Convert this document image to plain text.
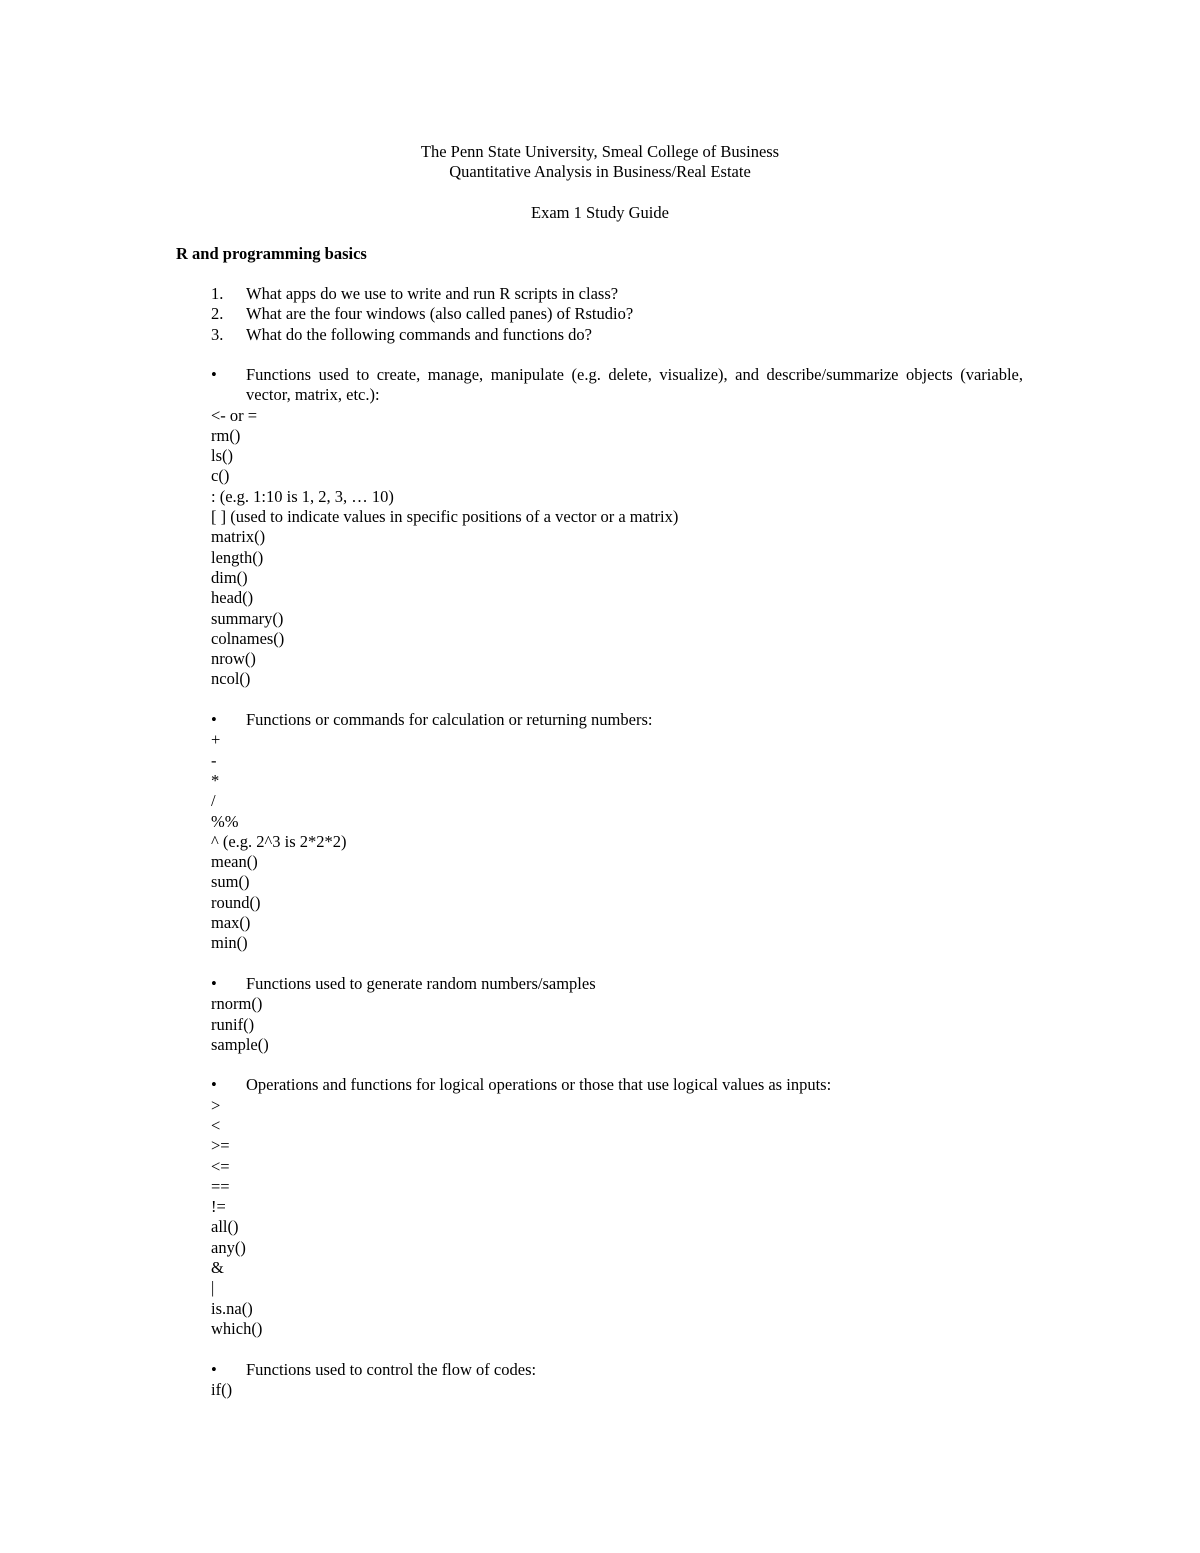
The Penn State University, Smeal College of Business
Quantitative Analysis in Business/Real Estate
Exam 1 Study Guide
R and programming basics
1. What apps do we use to write and run R scripts in class?
2. What are the four windows (also called panes) of Rstudio?
3. What do the following commands and functions do?
•	Functions used to create, manage, manipulate (e.g. delete, visualize), and describe/summarize objects (variable, vector, matrix, etc.):
<- or =
rm()
ls()
c()
: (e.g. 1:10 is 1, 2, 3, … 10)
[ ] (used to indicate values in specific positions of a vector or a matrix)
matrix()
length()
dim()
head()
summary()
colnames()
nrow()
ncol()
•	Functions or commands for calculation or returning numbers:
+
-
*
/
%%
^ (e.g. 2^3 is 2*2*2)
mean()
sum()
round()
max()
min()
•	Functions used to generate random numbers/samples
rnorm()
runif()
sample()
•	Operations and functions for logical operations or those that use logical values as inputs:
>
<
>=
<=
==
!=
all()
any()
&
|
is.na()
which()
•	Functions used to control the flow of codes:
if()
